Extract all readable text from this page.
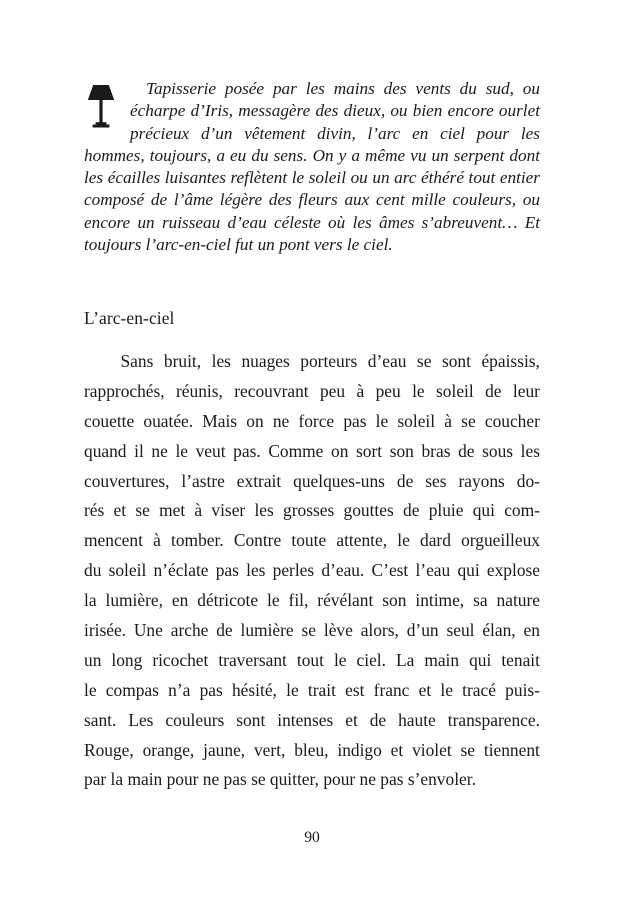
Tapisserie posée par les mains des vents du sud, ou écharpe d’Iris, messagère des dieux, ou bien encore ourlet précieux d’un vêtement divin, l’arc en ciel pour les hommes, toujours, a eu du sens. On y a même vu un serpent dont les écailles luisantes reflètent le soleil ou un arc éthéré tout entier composé de l’âme légère des fleurs aux cent mille couleurs, ou encore un ruisseau d’eau céleste où les âmes s’abreuvent… Et toujours l’arc-en-ciel fut un pont vers le ciel.

L’arc-en-ciel
Sans bruit, les nuages porteurs d’eau se sont épaissis,
rapprochés, réunis, recouvrant peu à peu le soleil de leur
couette ouatée. Mais on ne force pas le soleil à se coucher
quand il ne le veut pas. Comme on sort son bras de sous les
couvertures, l’astre extrait quelques-uns de ses rayons do-
rés et se met à viser les grosses gouttes de pluie qui com-
mencent à tomber. Contre toute attente, le dard orgueilleux
du soleil n’éclate pas les perles d’eau. C’est l’eau qui explose
la lumière, en détricote le fil, révélant son intime, sa nature
irisée. Une arche de lumière se lève alors, d’un seul élan, en
un long ricochet traversant tout le ciel. La main qui tenait
le compas n’a pas hésité, le trait est franc et le tracé puis-
sant. Les couleurs sont intenses et de haute transparence.
Rouge, orange, jaune, vert, bleu, indigo et violet se tiennent
par la main pour ne pas se quitter, pour ne pas s’envoler.
90
